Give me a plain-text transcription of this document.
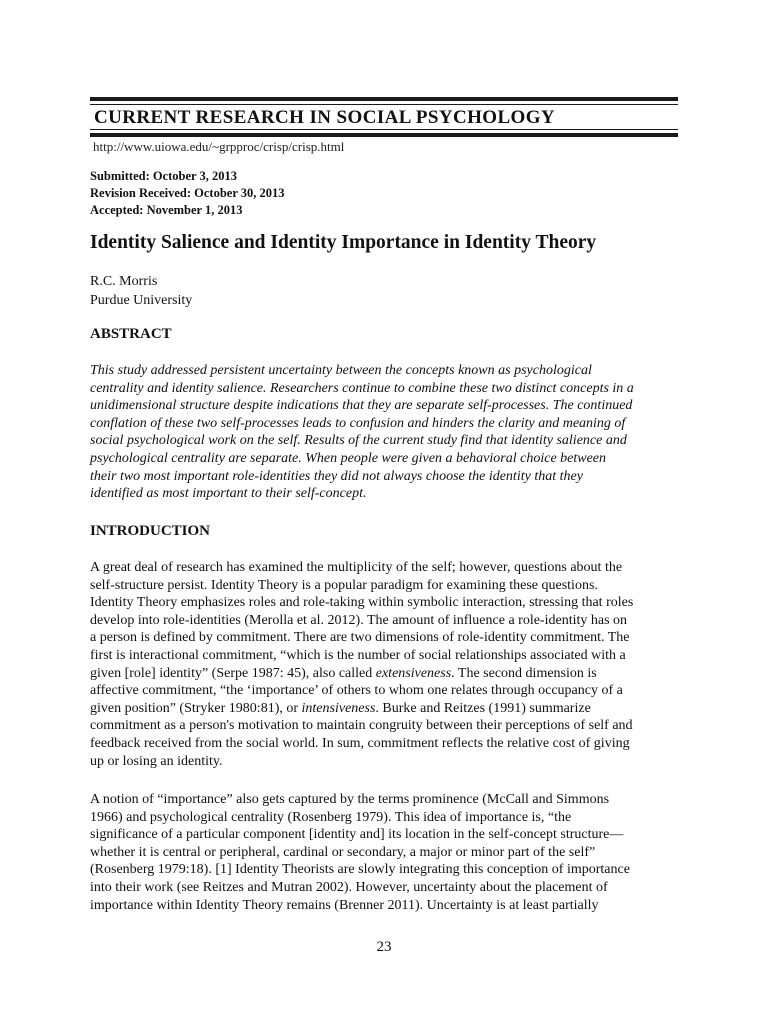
CURRENT RESEARCH IN SOCIAL PSYCHOLOGY
http://www.uiowa.edu/~grpproc/crisp/crisp.html
Submitted: October 3, 2013
Revision Received: October 30, 2013
Accepted: November 1, 2013
Identity Salience and Identity Importance in Identity Theory
R.C. Morris
Purdue University
ABSTRACT
This study addressed persistent uncertainty between the concepts known as psychological
centrality and identity salience. Researchers continue to combine these two distinct concepts in a
unidimensional structure despite indications that they are separate self-processes. The continued
conflation of these two self-processes leads to confusion and hinders the clarity and meaning of
social psychological work on the self. Results of the current study find that identity salience and
psychological centrality are separate. When people were given a behavioral choice between
their two most important role-identities they did not always choose the identity that they
identified as most important to their self-concept.
INTRODUCTION
A great deal of research has examined the multiplicity of the self; however, questions about the
self-structure persist. Identity Theory is a popular paradigm for examining these questions.
Identity Theory emphasizes roles and role-taking within symbolic interaction, stressing that roles
develop into role-identities (Merolla et al. 2012). The amount of influence a role-identity has on
a person is defined by commitment. There are two dimensions of role-identity commitment. The
first is interactional commitment, “which is the number of social relationships associated with a
given [role] identity” (Serpe 1987: 45), also called extensiveness. The second dimension is
affective commitment, “the ‘importance’ of others to whom one relates through occupancy of a
given position” (Stryker 1980:81), or intensiveness. Burke and Reitzes (1991) summarize
commitment as a person's motivation to maintain congruity between their perceptions of self and
feedback received from the social world. In sum, commitment reflects the relative cost of giving
up or losing an identity.
A notion of “importance” also gets captured by the terms prominence (McCall and Simmons
1966) and psychological centrality (Rosenberg 1979). This idea of importance is, “the
significance of a particular component [identity and] its location in the self-concept structure—
whether it is central or peripheral, cardinal or secondary, a major or minor part of the self”
(Rosenberg 1979:18). [1] Identity Theorists are slowly integrating this conception of importance
into their work (see Reitzes and Mutran 2002). However, uncertainty about the placement of
importance within Identity Theory remains (Brenner 2011). Uncertainty is at least partially
23
